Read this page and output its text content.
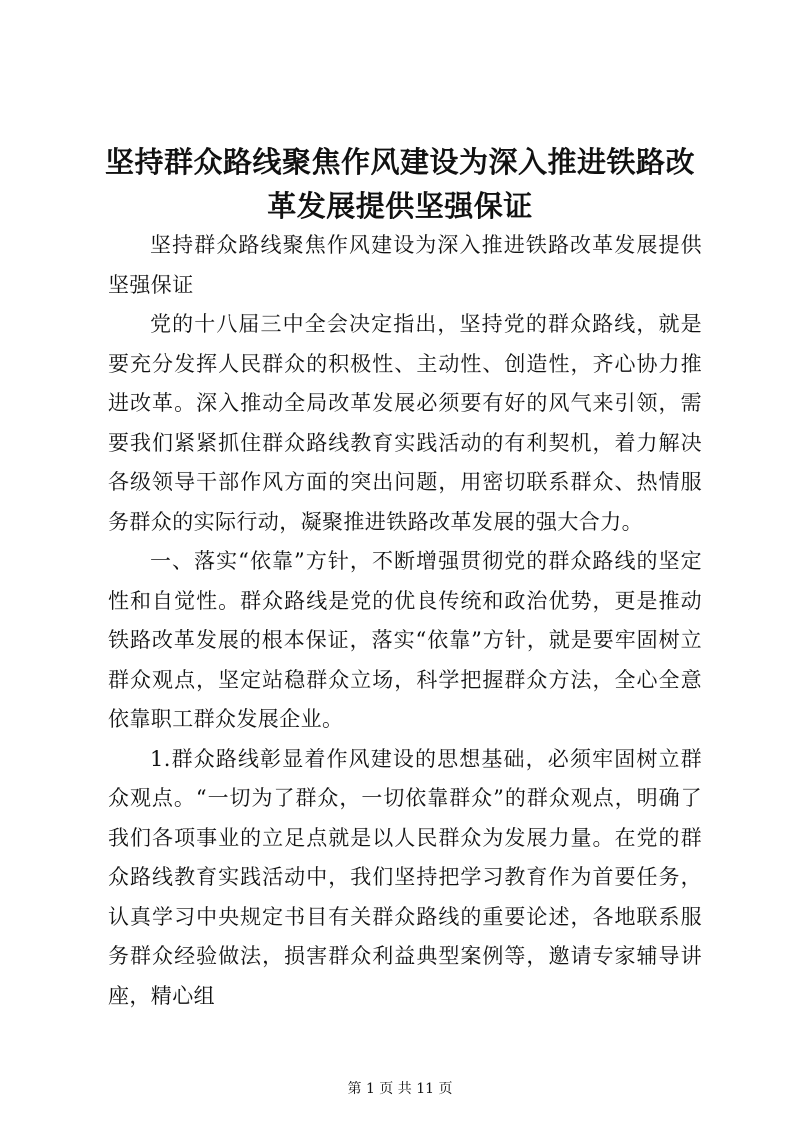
坚持群众路线聚焦作风建设为深入推进铁路改革发展提供坚强保证

坚持群众路线聚焦作风建设为深入推进铁路改革发展提供坚强保证

党的十八届三中全会决定指出，坚持党的群众路线，就是要充分发挥人民群众的积极性、主动性、创造性，齐心协力推进改革。深入推动全局改革发展必须要有好的风气来引领，需要我们紧紧抓住群众路线教育实践活动的有利契机，着力解决各级领导干部作风方面的突出问题，用密切联系群众、热情服务群众的实际行动，凝聚推进铁路改革发展的强大合力。

一、落实“依靠”方针，不断增强贯彻党的群众路线的坚定性和自觉性。群众路线是党的优良传统和政治优势，更是推动铁路改革发展的根本保证，落实“依靠”方针，就是要牢固树立群众观点，坚定站稳群众立场，科学把握群众方法，全心全意依靠职工群众发展企业。

1.群众路线彰显着作风建设的思想基础，必须牢固树立群众观点。“一切为了群众，一切依靠群众”的群众观点，明确了我们各项事业的立足点就是以人民群众为发展力量。在党的群众路线教育实践活动中，我们坚持把学习教育作为首要任务，认真学习中央规定书目有关群众路线的重要论述，各地联系服务群众经验做法，损害群众利益典型案例等，邀请专家辅导讲座，精心组

第 1 页 共 11 页
